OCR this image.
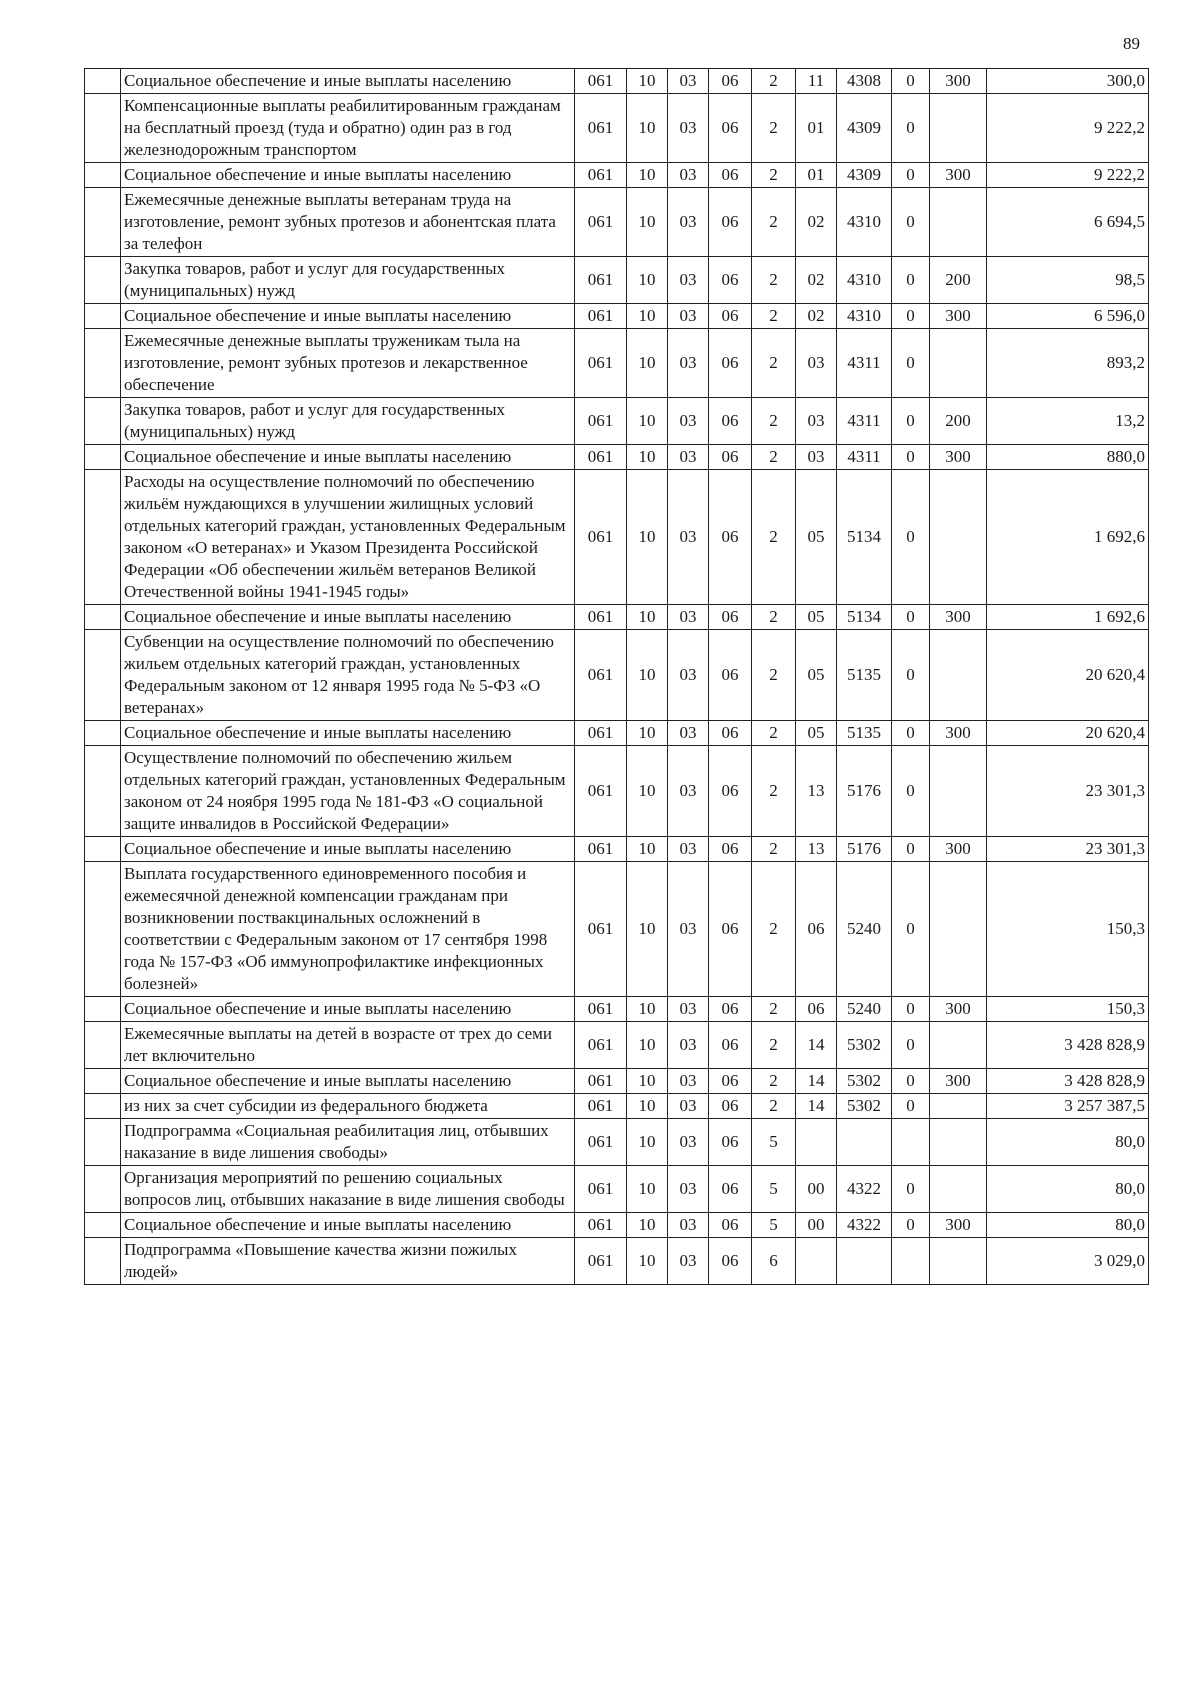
89
	Социальное обеспечение и иные выплаты населению	061	10	03	06	2	11	4308	0	300	300,0
	Компенсационные выплаты реабилитированным гражданам на бесплатный проезд (туда и обратно) один раз в год железнодорожным транспортом	061	10	03	06	2	01	4309	0		9 222,2
	Социальное обеспечение и иные выплаты населению	061	10	03	06	2	01	4309	0	300	9 222,2
	Ежемесячные денежные выплаты ветеранам труда на изготовление, ремонт зубных протезов и абонентская плата за телефон	061	10	03	06	2	02	4310	0		6 694,5
	Закупка товаров, работ и услуг для государственных (муниципальных) нужд	061	10	03	06	2	02	4310	0	200	98,5
	Социальное обеспечение и иные выплаты населению	061	10	03	06	2	02	4310	0	300	6 596,0
	Ежемесячные денежные выплаты труженикам тыла на изготовление, ремонт зубных протезов и лекарственное обеспечение	061	10	03	06	2	03	4311	0		893,2
	Закупка товаров, работ и услуг для государственных (муниципальных) нужд	061	10	03	06	2	03	4311	0	200	13,2
	Социальное обеспечение и иные выплаты населению	061	10	03	06	2	03	4311	0	300	880,0
	Расходы на осуществление полномочий по обеспечению жильём нуждающихся в улучшении жилищных условий отдельных категорий граждан, установленных Федеральным законом «О ветеранах» и Указом Президента Российской Федерации «Об обеспечении жильём ветеранов Великой Отечественной войны 1941-1945 годы»	061	10	03	06	2	05	5134	0		1 692,6
	Социальное обеспечение и иные выплаты населению	061	10	03	06	2	05	5134	0	300	1 692,6
	Субвенции на осуществление полномочий по обеспечению жильем отдельных категорий граждан, установленных Федеральным законом от 12 января 1995 года № 5-ФЗ «О ветеранах»	061	10	03	06	2	05	5135	0		20 620,4
	Социальное обеспечение и иные выплаты населению	061	10	03	06	2	05	5135	0	300	20 620,4
	Осуществление полномочий по обеспечению жильем отдельных категорий граждан, установленных Федеральным законом от 24 ноября 1995 года № 181-ФЗ «О социальной защите инвалидов в Российской Федерации»	061	10	03	06	2	13	5176	0		23 301,3
	Социальное обеспечение и иные выплаты населению	061	10	03	06	2	13	5176	0	300	23 301,3
	Выплата государственного единовременного пособия и ежемесячной денежной компенсации гражданам при возникновении поствакцинальных осложнений в соответствии с Федеральным законом от 17 сентября 1998 года № 157-ФЗ «Об иммунопрофилактике инфекционных болезней»	061	10	03	06	2	06	5240	0		150,3
	Социальное обеспечение и иные выплаты населению	061	10	03	06	2	06	5240	0	300	150,3
	Ежемесячные выплаты на детей в возрасте от трех до семи лет включительно	061	10	03	06	2	14	5302	0		3 428 828,9
	Социальное обеспечение и иные выплаты населению	061	10	03	06	2	14	5302	0	300	3 428 828,9
	из них за счет субсидии из федерального бюджета	061	10	03	06	2	14	5302	0		3 257 387,5
	Подпрограмма «Социальная реабилитация лиц, отбывших наказание в виде лишения свободы»	061	10	03	06	5					80,0
	Организация мероприятий по решению социальных вопросов лиц, отбывших наказание в виде лишения свободы	061	10	03	06	5	00	4322	0		80,0
	Социальное обеспечение и иные выплаты населению	061	10	03	06	5	00	4322	0	300	80,0
	Подпрограмма «Повышение качества жизни пожилых людей»	061	10	03	06	6					3 029,0
